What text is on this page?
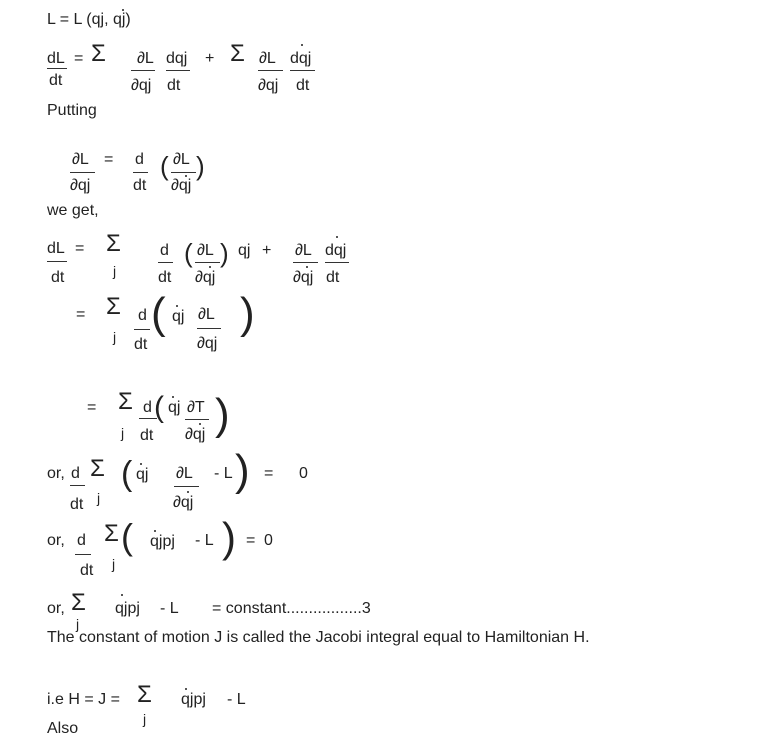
L = L (qj, qj)
dL
dt
= Σ ∂L
∂qj
dqj
dt
+ Σ ∂L
∂qj
dqj
dt
Putting
∂L
∂qj
= d
dt
( ∂L
∂qj
)
we get,
dL
dt
= Σ
j
d
dt
( ∂L
∂qj
) qj + ∂L
∂qj
dqj
dt
= Σ
j
d
dt
( qj ∂L
∂qj
)
= Σ
j
d
dt
( qj ∂T
∂qj )
or, d
dt
Σ
j
( qj ∂L
∂qj
- L ) = 0
or, d
dt
Σ
j
( qjpj - L ) = 0
or, Σ
j
qjpj - L = constant.................3
The constant of motion J is called the Jacobi integral equal to Hamiltonian H.
i.e H = J = Σ
j
qjpj - L
Also
